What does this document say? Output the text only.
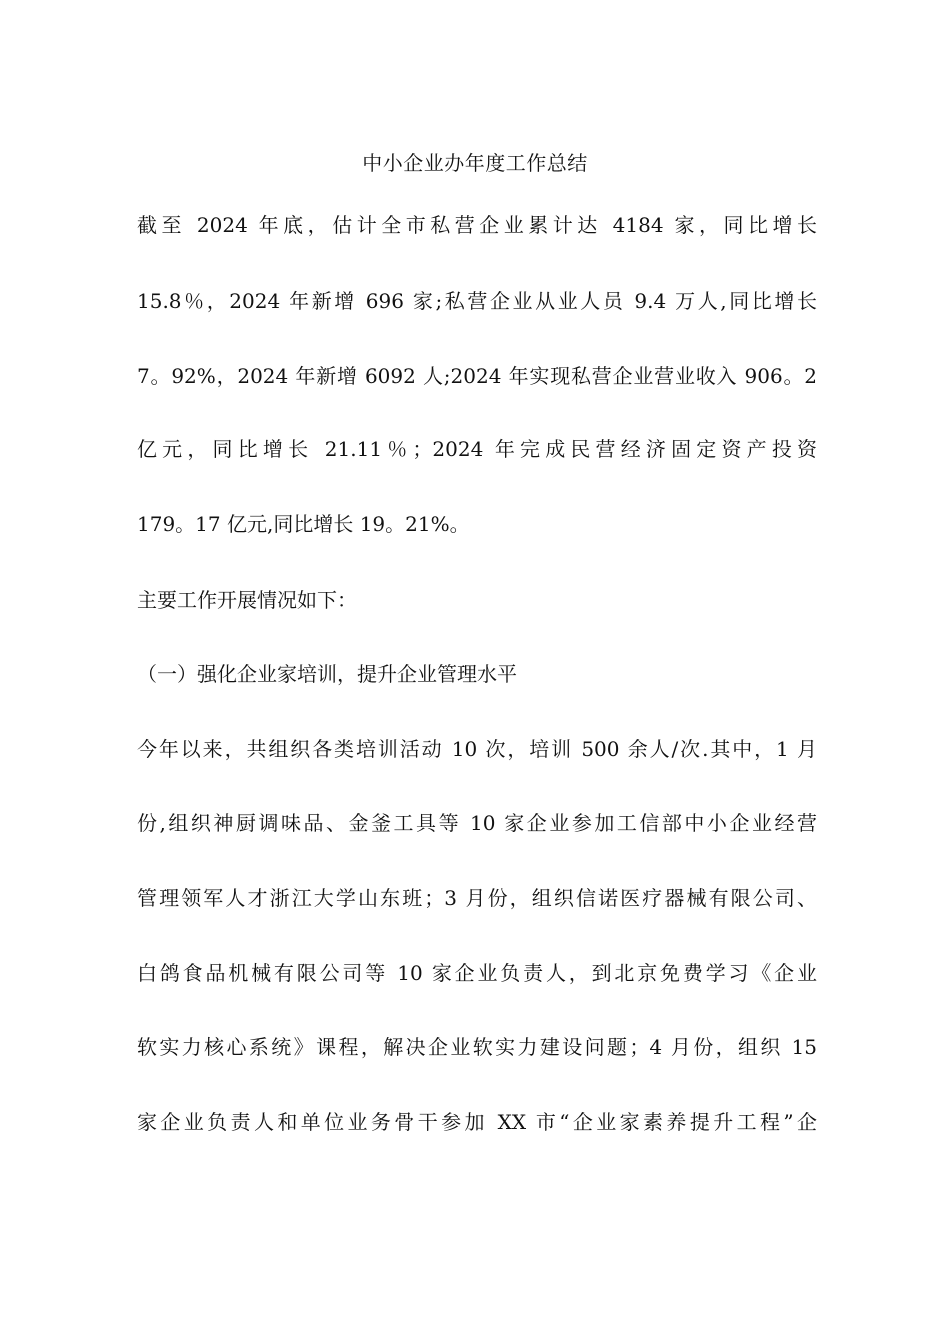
中小企业办年度工作总结
截至 2024 年底，估计全市私营企业累计达 4184 家，同比增长
15.8％，2024 年新增 696 家;私营企业从业人员 9.4 万人,同比增长
7。92%，2024 年新增 6092 人;2024 年实现私营企业营业收入 906。2
亿元，同比增长 21.11％；2024 年完成民营经济固定资产投资
179。17 亿元,同比增长 19。21%。
主要工作开展情况如下：
（一）强化企业家培训，提升企业管理水平
今年以来，共组织各类培训活动 10 次，培训 500 余人/次.其中，1 月
份,组织神厨调味品、金釜工具等 10 家企业参加工信部中小企业经营
管理领军人才浙江大学山东班；3 月份，组织信诺医疗器械有限公司、
白鸽食品机械有限公司等 10 家企业负责人，到北京免费学习《企业
软实力核心系统》课程，解决企业软实力建设问题；4 月份，组织 15
家企业负责人和单位业务骨干参加 XX 市“企业家素养提升工程”企
